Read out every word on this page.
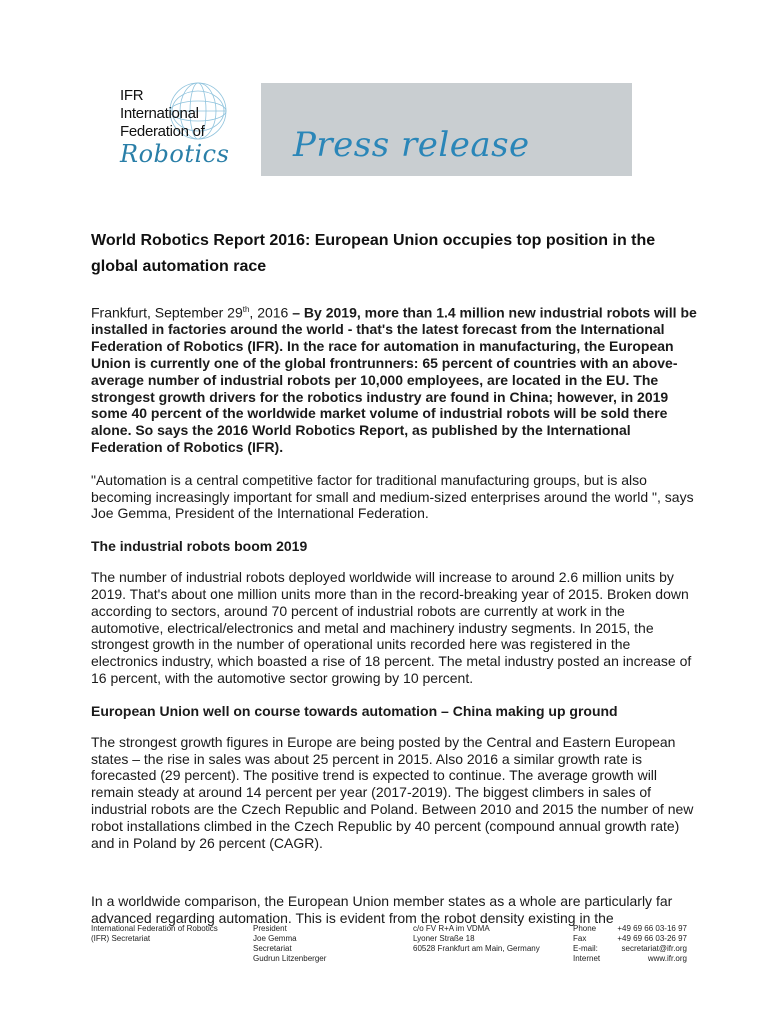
IFR
International
Federation of
Robotics Press release
World Robotics Report 2016: European Union occupies top position in the global automation race

Frankfurt, September 29th, 2016 – By 2019, more than 1.4 million new industrial robots will be installed in factories around the world - that's the latest forecast from the International Federation of Robotics (IFR). In the race for automation in manufacturing, the European Union is currently one of the global frontrunners: 65 percent of countries with an above-average number of industrial robots per 10,000 employees, are located in the EU. The strongest growth drivers for the robotics industry are found in China; however, in 2019 some 40 percent of the worldwide market volume of industrial robots will be sold there alone. So says the 2016 World Robotics Report, as published by the International Federation of Robotics (IFR).

"Automation is a central competitive factor for traditional manufacturing groups, but is also becoming increasingly important for small and medium-sized enterprises around the world ", says Joe Gemma, President of the International Federation.

The industrial robots boom 2019

The number of industrial robots deployed worldwide will increase to around 2.6 million units by 2019. That's about one million units more than in the record-breaking year of 2015. Broken down according to sectors, around 70 percent of industrial robots are currently at work in the automotive, electrical/electronics and metal and machinery industry segments. In 2015, the strongest growth in the number of operational units recorded here was registered in the electronics industry, which boasted a rise of 18 percent. The metal industry posted an increase of 16 percent, with the automotive sector growing by 10 percent.

European Union well on course towards automation – China making up ground

The strongest growth figures in Europe are being posted by the Central and Eastern European states – the rise in sales was about 25 percent in 2015. Also 2016 a similar growth rate is forecasted (29 percent). The positive trend is expected to continue. The average growth will remain steady at around 14 percent per year (2017-2019). The biggest climbers in sales of industrial robots are the Czech Republic and Poland. Between 2010 and 2015 the number of new robot installations climbed in the Czech Republic by 40 percent (compound annual growth rate) and in Poland by 26 percent (CAGR).

In a worldwide comparison, the European Union member states as a whole are particularly far advanced regarding automation. This is evident from the robot density existing in the

International Federation of Robotics
(IFR) Secretariat
President
Joe Gemma
Secretariat
Gudrun Litzenberger
c/o FV R+A im VDMA
Lyoner Straße 18
60528 Frankfurt am Main, Germany
Phone	+49 69 66 03-16 97
Fax	+49 69 66 03-26 97
E-mail:	secretariat@ifr.org
Internet	www.ifr.org
